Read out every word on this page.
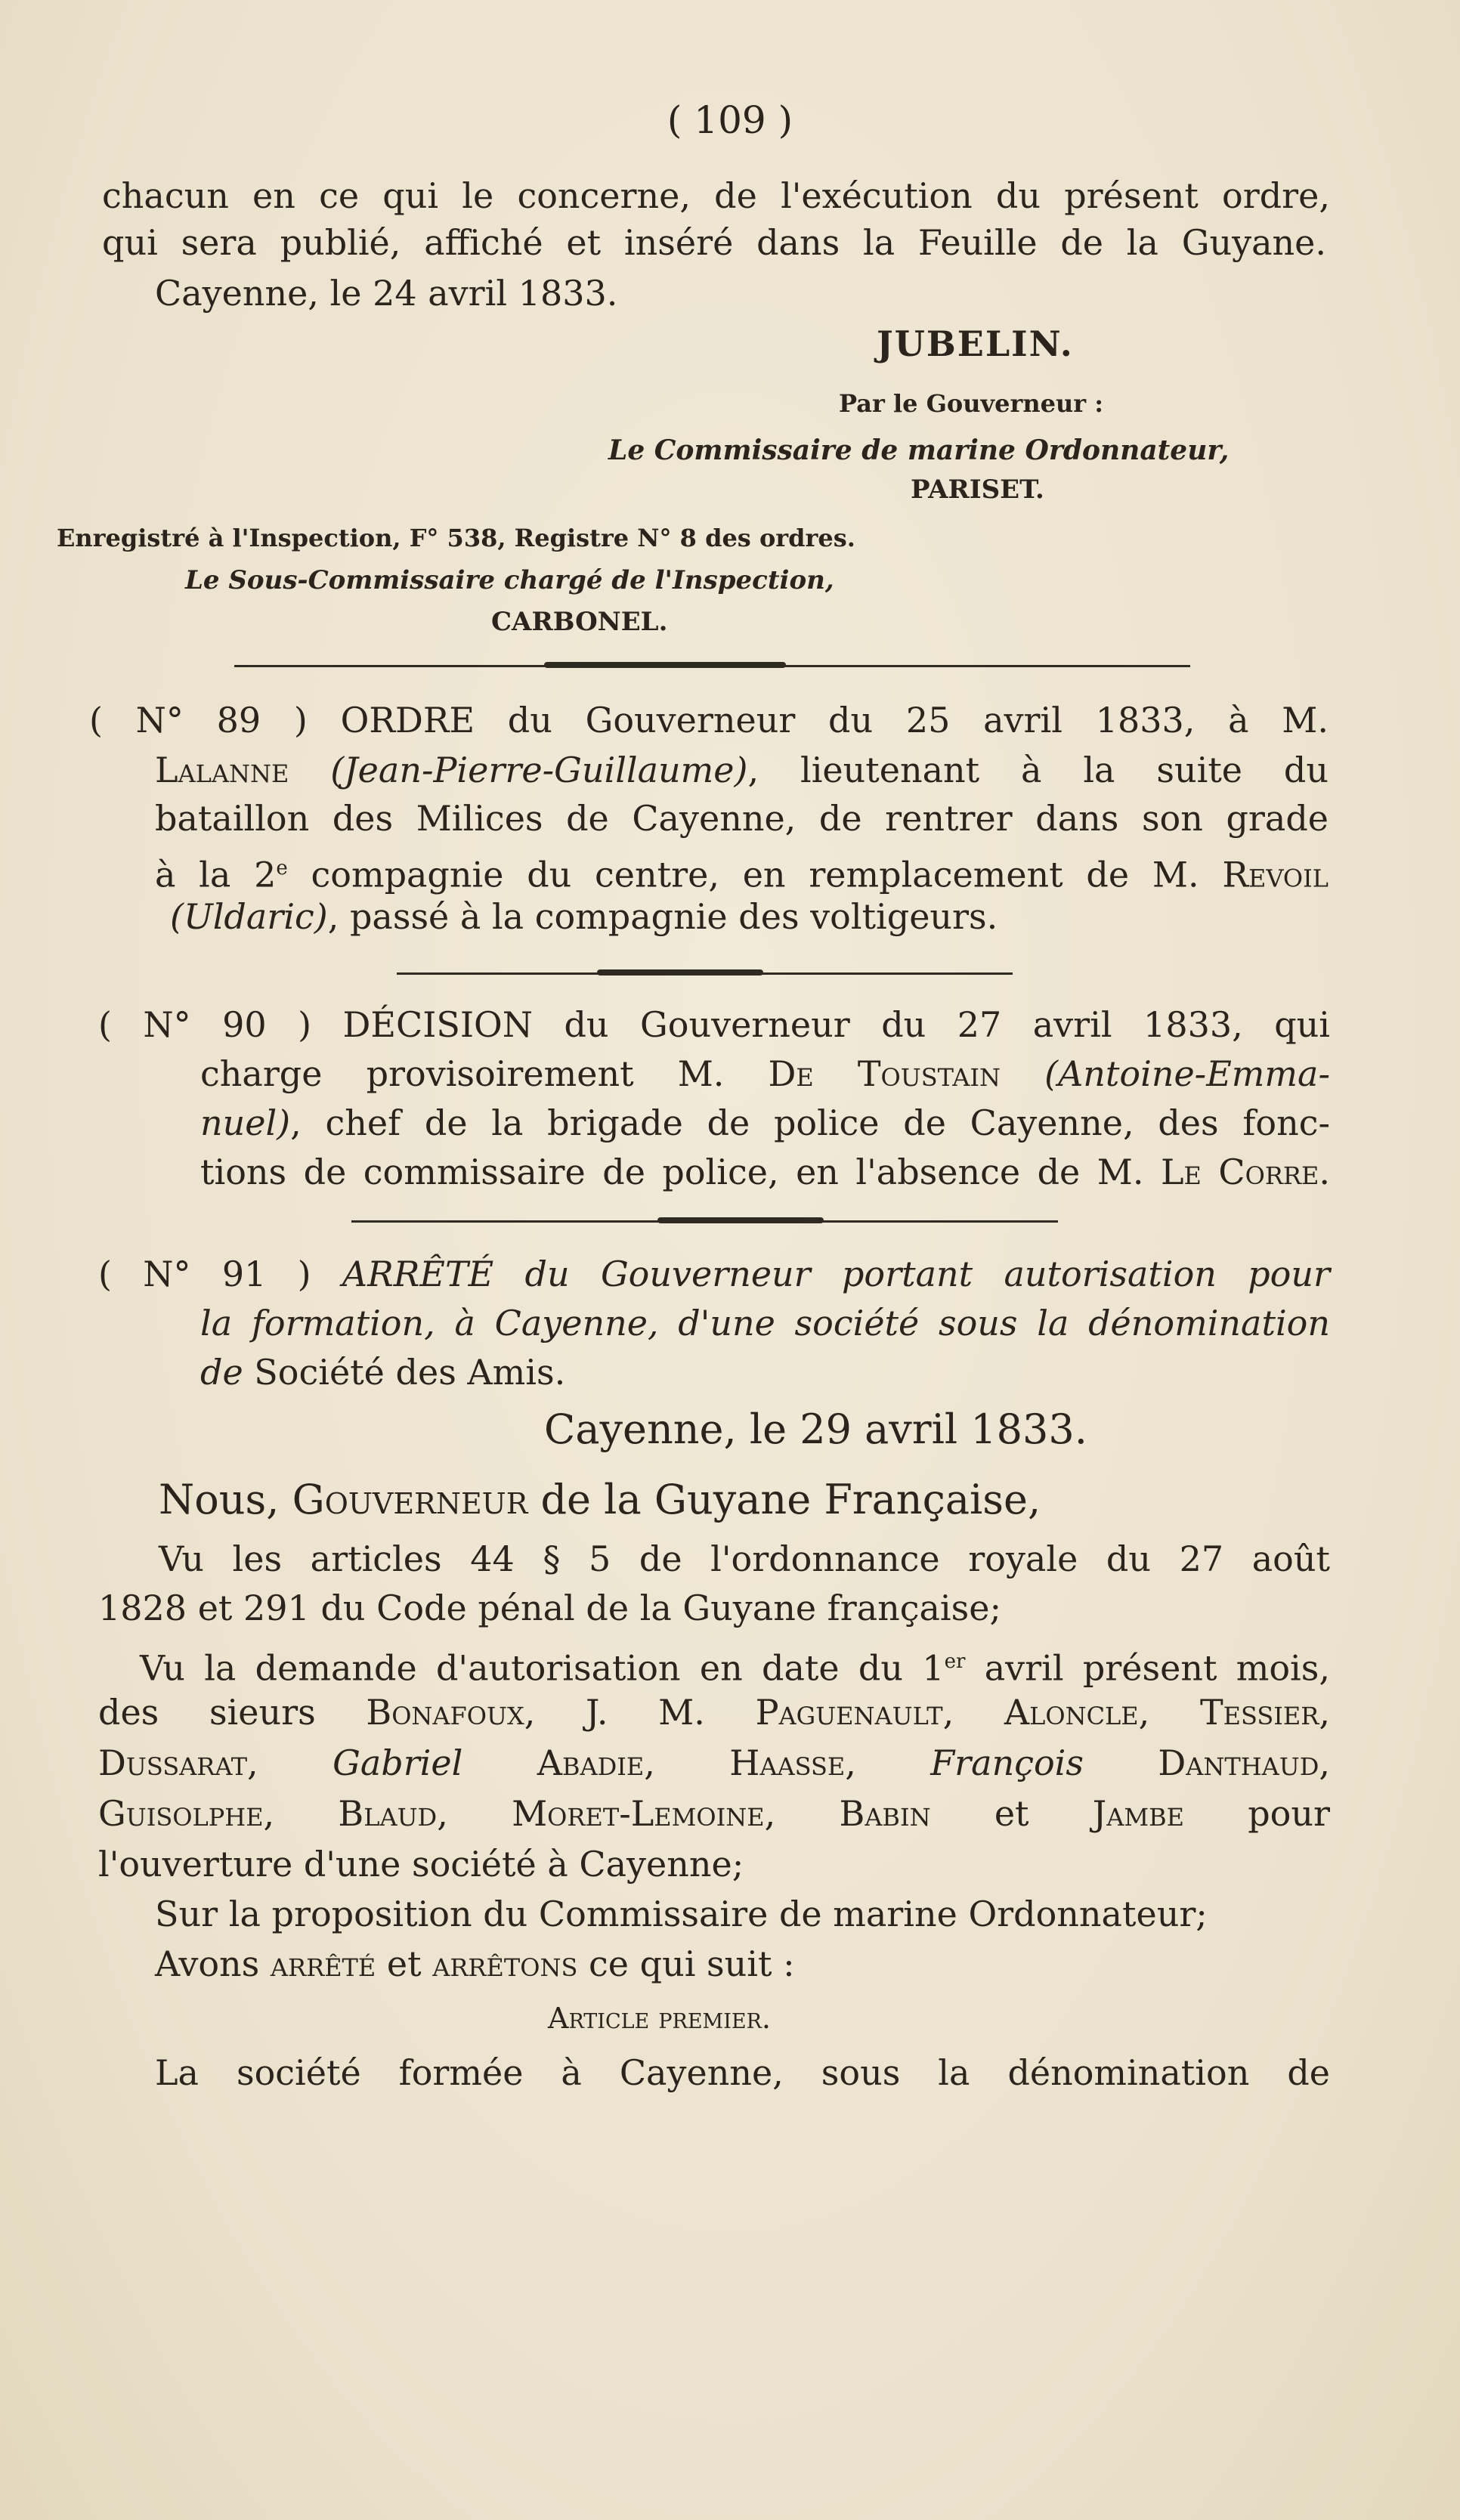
( 109 )
chacun en ce qui le concerne, de l'exécution du présent ordre,
qui sera publié, affiché et inséré dans la Feuille de la Guyane.
Cayenne, le 24 avril 1833.
JUBELIN.
Par le Gouverneur :
Le Commissaire de marine Ordonnateur,
PARISET.
Enregistré à l'Inspection, F° 538, Registre N° 8 des ordres.
Le Sous-Commissaire chargé de l'Inspection,
CARBONEL.
( N° 89 ) ORDRE du Gouverneur du 25 avril 1833, à M.
Lalanne (Jean-Pierre-Guillaume), lieutenant à la suite du
bataillon des Milices de Cayenne, de rentrer dans son grade
à la 2e compagnie du centre, en remplacement de M. Revoil
(Uldaric), passé à la compagnie des voltigeurs.
( N° 90 ) DÉCISION du Gouverneur du 27 avril 1833, qui
charge provisoirement M. De Toustain (Antoine-Emma-
nuel), chef de la brigade de police de Cayenne, des fonc-
tions de commissaire de police, en l'absence de M. Le Corre.
( N° 91 ) ARRÊTÉ du Gouverneur portant autorisation pour
la formation, à Cayenne, d'une société sous la dénomination
de Société des Amis.
Cayenne, le 29 avril 1833.
Nous, Gouverneur de la Guyane Française,
Vu les articles 44 § 5 de l'ordonnance royale du 27 août
1828 et 291 du Code pénal de la Guyane française;
Vu la demande d'autorisation en date du 1er avril présent mois,
des sieurs Bonafoux, J. M. Paguenault, Aloncle, Tessier,
Dussarat, Gabriel Abadie, Haasse, François Danthaud,
Guisolphe, Blaud, Moret-Lemoine, Babin et Jambe pour
l'ouverture d'une société à Cayenne;
Sur la proposition du Commissaire de marine Ordonnateur;
Avons arrêté et arrêtons ce qui suit :
Article premier.
La société formée à Cayenne, sous la dénomination de
